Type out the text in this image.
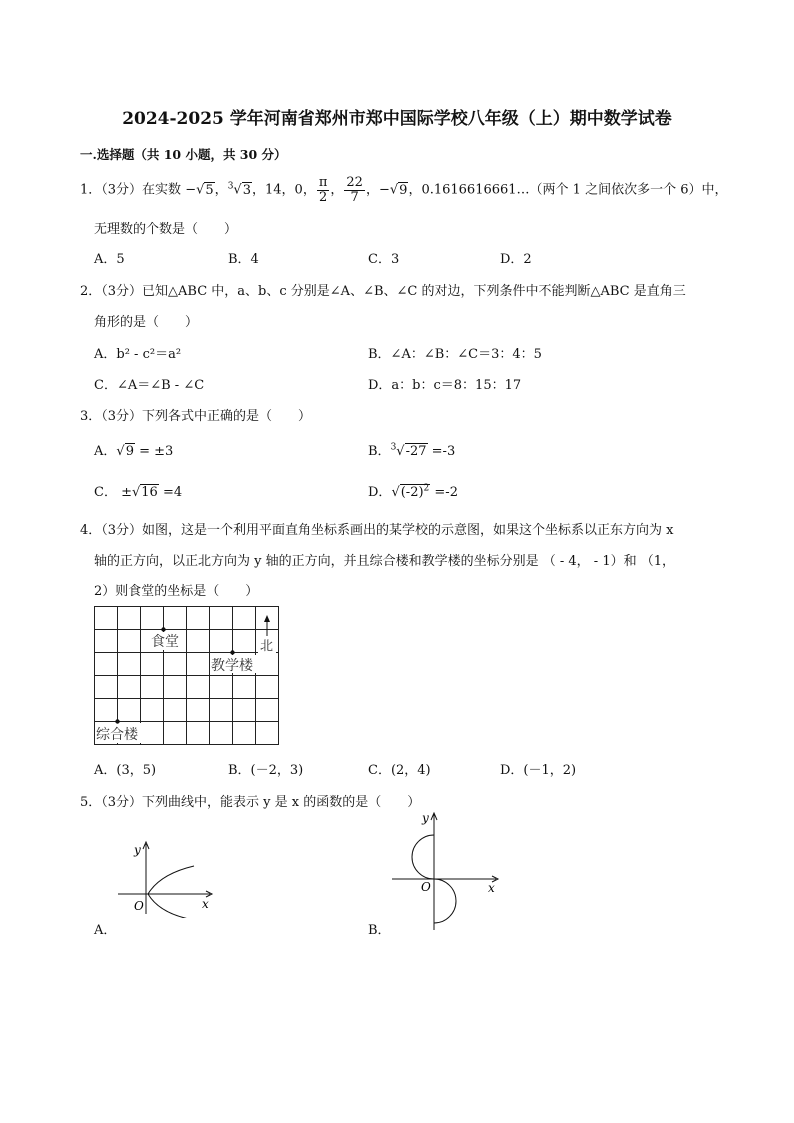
2024-2025 学年河南省郑州市郑中国际学校八年级（上）期中数学试卷
一.选择题（共 10 小题，共 30 分）
1．（3分）在实数 −√5，$^3$√3，14，0， $\frac{\pi}{2}$ ， $\frac{22}{7}$ ，−√9，0.1616616661…（两个 1 之间依次多一个 6）中，
无理数的个数是（　　）
A．5	B．4	C．3	D．2
2．（3分）已知△ABC 中，a、b、c 分别是∠A、∠B、∠C 的对边，下列条件中不能判断△ABC 是直角三
角形的是（　　）
A．b² - c²＝a²	B．∠A：∠B：∠C＝3：4：5
C．∠A＝∠B - ∠C	D．a：b：c＝8：15：17
3．（3分）下列各式中正确的是（　　）
A．√9 = ±3	B．$^3$√-27 =-3
C． ±√16 =4	D．$√(-2)^2 =-2$
4．（3分）如图，这是一个利用平面直角坐标系画出的某学校的示意图，如果这个坐标系以正东方向为 x
轴的正方向，以正北方向为 y 轴的正方向，并且综合楼和教学楼的坐标分别是 （ - 4， - 1）和 （1，
2）则食堂的坐标是（　　）
食堂	北
教学楼
综合楼
A．(3，5)	B．(－2，3)	C．(2，4)	D．(－1，2)
5．（3分）下列曲线中，能表示 y 是 x 的函数的是（　　）
x
y
O
A．
x
y
O
B．
